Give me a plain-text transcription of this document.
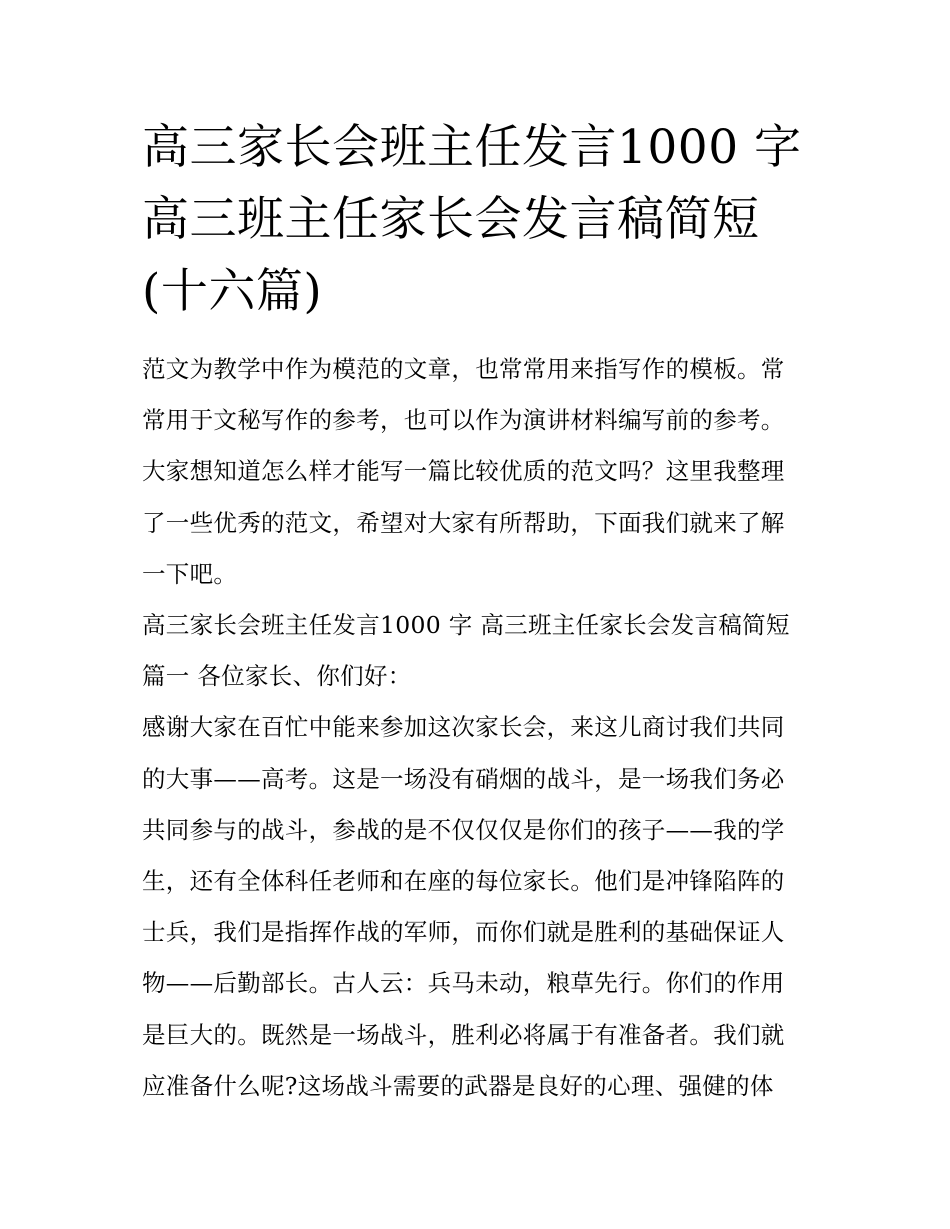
高三家长会班主任发言1000 字
高三班主任家长会发言稿简短
(十六篇)
范文为教学中作为模范的文章，也常常用来指写作的模板。常
常用于文秘写作的参考，也可以作为演讲材料编写前的参考。
大家想知道怎么样才能写一篇比较优质的范文吗？这里我整理
了一些优秀的范文，希望对大家有所帮助，下面我们就来了解
一下吧。
高三家长会班主任发言1000 字 高三班主任家长会发言稿简短
篇一 各位家长、你们好：
感谢大家在百忙中能来参加这次家长会，来这儿商讨我们共同
的大事——高考。这是一场没有硝烟的战斗，是一场我们务必
共同参与的战斗，参战的是不仅仅仅是你们的孩子——我的学
生，还有全体科任老师和在座的每位家长。他们是冲锋陷阵的
士兵，我们是指挥作战的军师，而你们就是胜利的基础保证人
物——后勤部长。古人云：兵马未动，粮草先行。你们的作用
是巨大的。既然是一场战斗，胜利必将属于有准备者。我们就
应准备什么呢?这场战斗需要的武器是良好的心理、强健的体
